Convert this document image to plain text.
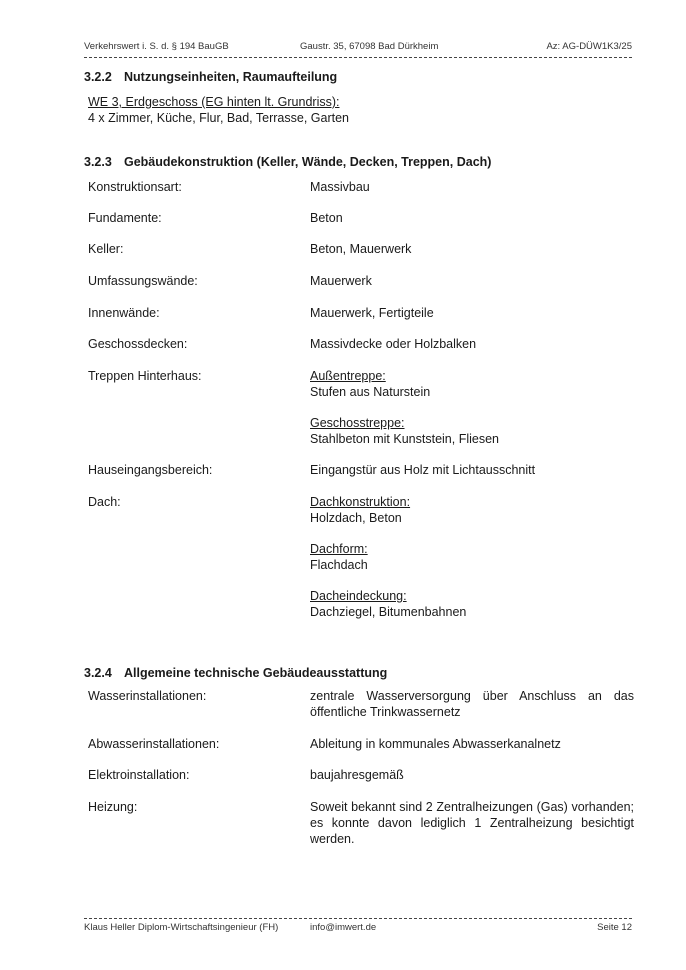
Verkehrswert i. S. d. § 194 BauGB	Gaustr. 35, 67098 Bad Dürkheim	Az: AG-DÜW1K3/25
3.2.2 Nutzungseinheiten, Raumaufteilung
WE 3, Erdgeschoss (EG hinten lt. Grundriss):
4 x Zimmer, Küche, Flur, Bad, Terrasse, Garten
3.2.3 Gebäudekonstruktion (Keller, Wände, Decken, Treppen, Dach)
Konstruktionsart:	Massivbau
Fundamente:	Beton
Keller:	Beton, Mauerwerk
Umfassungswände:	Mauerwerk
Innenwände:	Mauerwerk, Fertigteile
Geschossdecken:	Massivdecke oder Holzbalken
Treppen Hinterhaus:	Außentreppe:
Stufen aus Naturstein
Geschosstreppe:
Stahlbeton mit Kunststein, Fliesen
Hauseingangsbereich:	Eingangstür aus Holz mit Lichtausschnitt
Dach:	Dachkonstruktion:
Holzdach, Beton
Dachform:
Flachdach
Dacheindeckung:
Dachziegel, Bitumenbahnen
3.2.4 Allgemeine technische Gebäudeausstattung
Wasserinstallationen:	zentrale Wasserversorgung über Anschluss an das öffentliche Trinkwassernetz
Abwasserinstallationen:	Ableitung in kommunales Abwasserkanalnetz
Elektroinstallation:	baujahresgemäß
Heizung:	Soweit bekannt sind 2 Zentralheizungen (Gas) vorhanden; es konnte davon lediglich 1 Zentralheizung besichtigt werden.
Klaus Heller Diplom-Wirtschaftsingenieur (FH)	info@imwert.de	Seite 12
